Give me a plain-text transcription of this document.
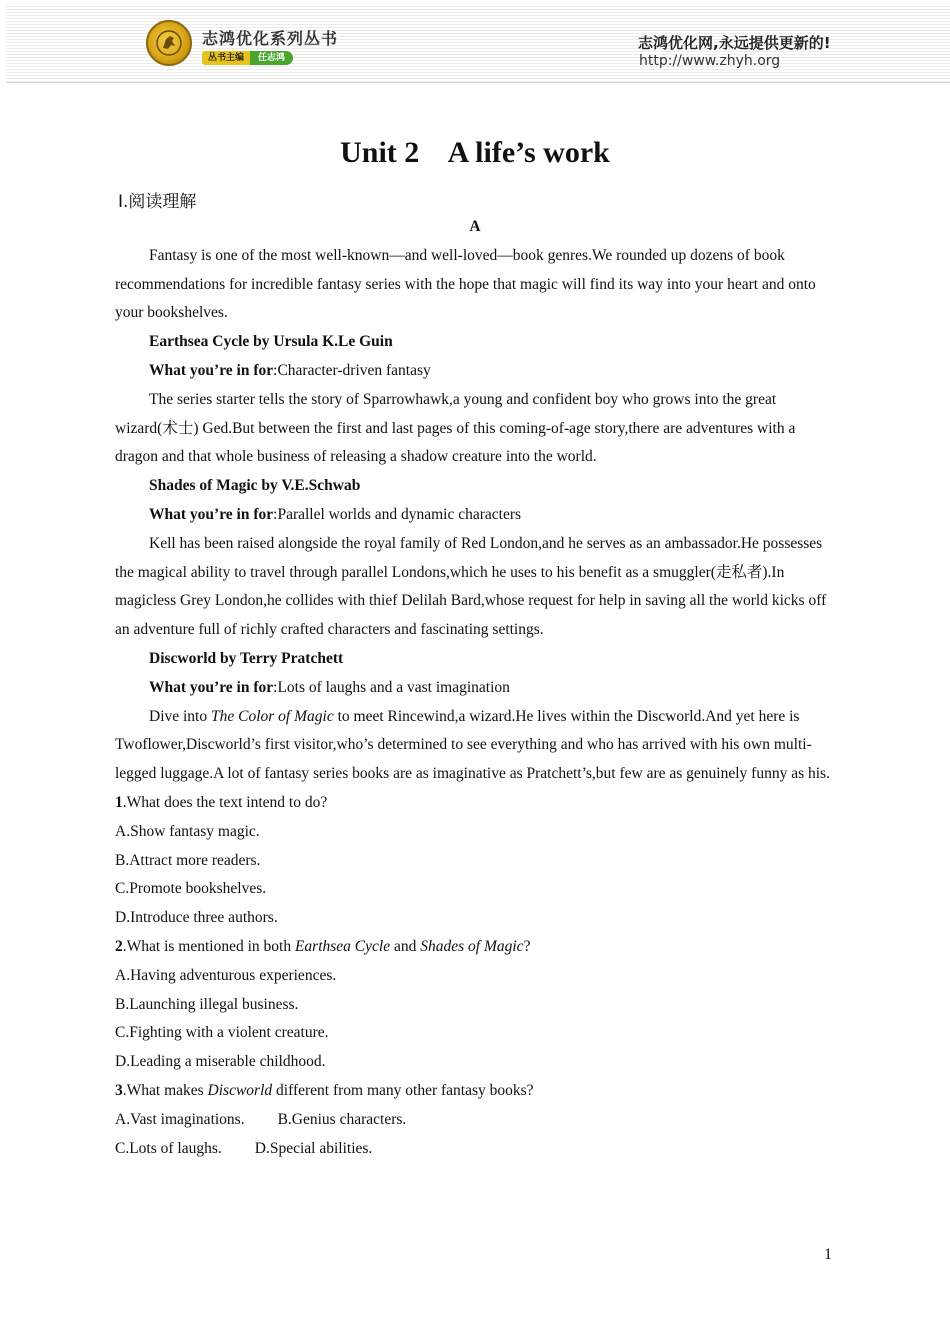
志鸿优化系列丛书
丛书主编	任志鸿
志鸿优化网,永远提供更新的!
http://www.zhyh.org
Unit 2    A life’s work
Ⅰ.阅读理解

A

Fantasy is one of the most well-known—and well-loved—book genres.We rounded up dozens of book recommendations for incredible fantasy series with the hope that magic will find its way into your heart and onto your bookshelves.

Earthsea Cycle by Ursula K.Le Guin

What you’re in for:Character-driven fantasy

The series starter tells the story of Sparrowhawk,a young and confident boy who grows into the great wizard(术士) Ged.But between the first and last pages of this coming-of-age story,there are adventures with a dragon and that whole business of releasing a shadow creature into the world.

Shades of Magic by V.E.Schwab

What you’re in for:Parallel worlds and dynamic characters

Kell has been raised alongside the royal family of Red London,and he serves as an ambassador.He possesses the magical ability to travel through parallel Londons,which he uses to his benefit as a smuggler(走私者).In magicless Grey London,he collides with thief Delilah Bard,whose request for help in saving all the world kicks off an adventure full of richly crafted characters and fascinating settings.

Discworld by Terry Pratchett

What you’re in for:Lots of laughs and a vast imagination

Dive into The Color of Magic to meet Rincewind,a wizard.He lives within the Discworld.And yet here is Twoflower,Discworld’s first visitor,who’s determined to see everything and who has arrived with his own multi-legged luggage.A lot of fantasy series books are as imaginative as Pratchett’s,but few are as genuinely funny as his.

1.What does the text intend to do?

A.Show fantasy magic.

B.Attract more readers.

C.Promote bookshelves.

D.Introduce three authors.

2.What is mentioned in both Earthsea Cycle and Shades of Magic?

A.Having adventurous experiences.

B.Launching illegal business.

C.Fighting with a violent creature.

D.Leading a miserable childhood.

3.What makes Discworld different from many other fantasy books?

A.Vast imaginations. B.Genius characters.

C.Lots of laughs. D.Special abilities.

1
